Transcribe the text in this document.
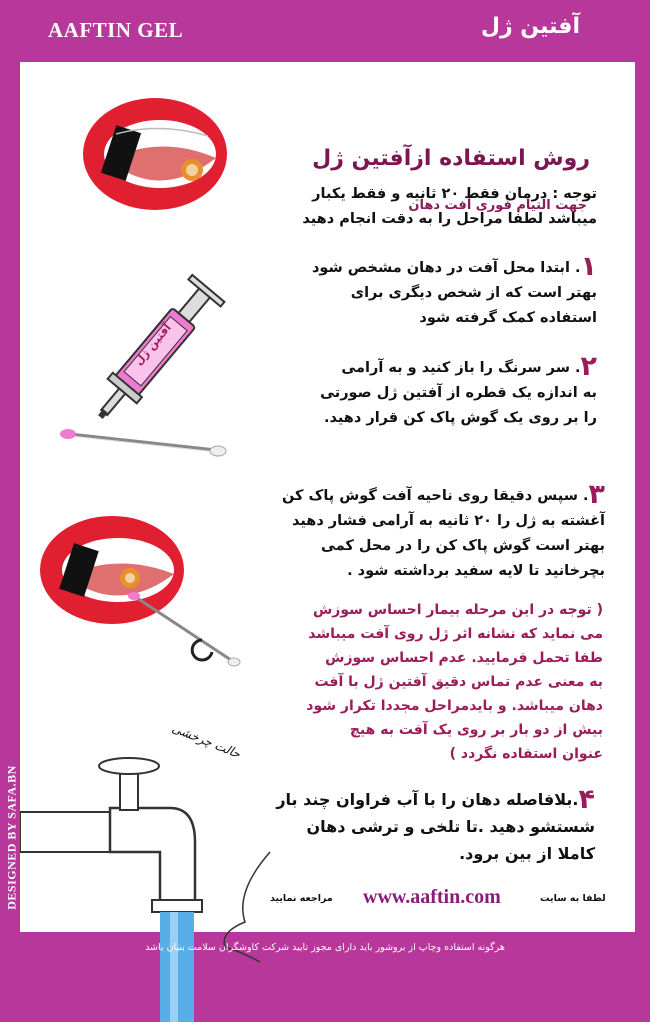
AAFTIN GEL	آفتین ژل
آفتین ژل
حالت چرخشی
روش استفاده ازآفتین ژل
جهت التیام فوری آفت دهان
توجه : درمان فقط ۲۰ ثانیه و فقط یکبار
میباشد لطفا مراحل را به دقت انجام دهید
۱. ابتدا محل آفت در دهان مشخص شود
بهتر است که از شخص دیگری برای
استفاده کمک گرفته شود
۲. سر سرنگ را باز کنید و به آرامی
به اندازه یک قطره از آفتین ژل صورتی
را بر روی یک گوش پاک کن قرار دهید.
۳. سپس دقیقا روی ناحیه آفت گوش پاک کن
آغشته به ژل را ۲۰ ثانیه به آرامی فشار دهید
بهتر است گوش پاک کن را در محل کمی
بچرخانید تا لایه سفید برداشته شود .
( توجه در این مرحله بیمار احساس سوزش
می نماید که نشانه اثر ژل روی آفت میباشد
طفا تحمل فرمایید. عدم احساس سوزش
به معنی عدم تماس دقیق آفتین ژل با آفت
دهان میباشد. و بایدمراحل مجددا تکرار شود
بیش از دو بار بر روی یک آفت به هیچ
عنوان استفاده نگردد )
۴.بلافاصله دهان را با آب فراوان چند بار
شستشو دهید .تا تلخی و ترشی دهان
کاملا از بین برود.
www.aaftin.com	لطفا به سایت
مراجعه نمایید
DESIGNED BY SAFA.BN
هرگونه استفاده وچاپ از بروشور باید دارای مجوز تایید شرکت کاوشگران سلامت بنیان باشد
